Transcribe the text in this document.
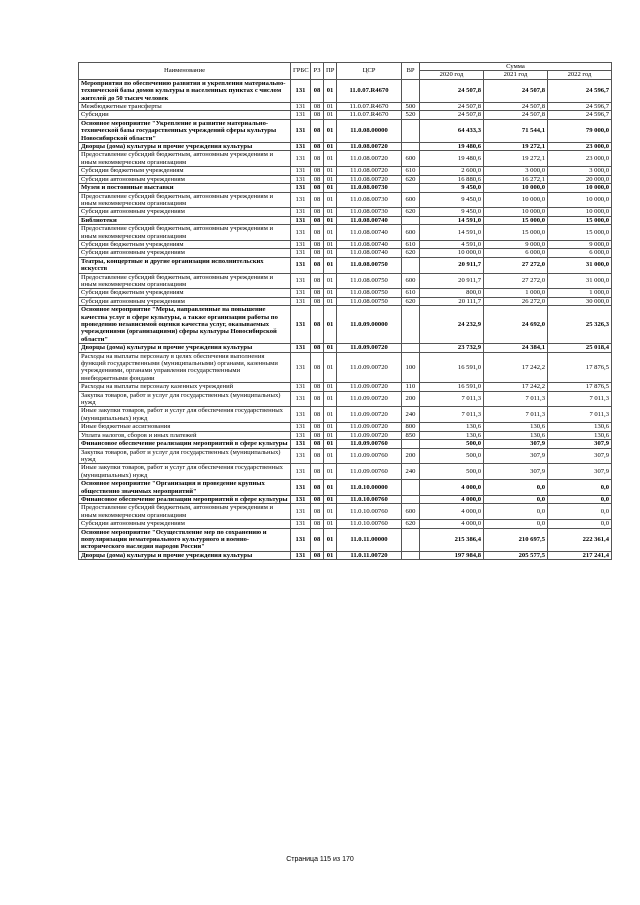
Наименование	ГРБС	РЗ	ПР	ЦСР	ВР	Сумма		
						2020 год	2021 год	2022 год
Мероприятия по обеспечению развития и укрепления материально-технической базы домов культуры в населенных пунктах с числом жителей до 50 тысяч человек	131	08	01	11.0.07.R4670		24 507,8	24 507,8	24 596,7
Межбюджетные трансферты	131	08	01	11.0.07.R4670	500	24 507,8	24 507,8	24 596,7
Субсидии	131	08	01	11.0.07.R4670	520	24 507,8	24 507,8	24 596,7
Основное мероприятие "Укрепление и развитие материально-технической базы государственных учреждений сферы культуры Новосибирской области"	131	08	01	11.0.08.00000		64 433,3	71 544,1	79 000,0
Дворцы (дома) культуры и прочие учреждения культуры	131	08	01	11.0.08.00720		19 480,6	19 272,1	23 000,0
Предоставление субсидий бюджетным, автономным учреждениям и иным некоммерческим организациям	131	08	01	11.0.08.00720	600	19 480,6	19 272,1	23 000,0
Субсидии бюджетным учреждениям	131	08	01	11.0.08.00720	610	2 600,0	3 000,0	3 000,0
Субсидии автономным учреждениям	131	08	01	11.0.08.00720	620	16 880,6	16 272,1	20 000,0
Музеи и постоянные выставки	131	08	01	11.0.08.00730		9 450,0	10 000,0	10 000,0
Предоставление субсидий бюджетным, автономным учреждениям и иным некоммерческим организациям	131	08	01	11.0.08.00730	600	9 450,0	10 000,0	10 000,0
Субсидии автономным учреждениям	131	08	01	11.0.08.00730	620	9 450,0	10 000,0	10 000,0
Библиотеки	131	08	01	11.0.08.00740		14 591,0	15 000,0	15 000,0
Предоставление субсидий бюджетным, автономным учреждениям и иным некоммерческим организациям	131	08	01	11.0.08.00740	600	14 591,0	15 000,0	15 000,0
Субсидии бюджетным учреждениям	131	08	01	11.0.08.00740	610	4 591,0	9 000,0	9 000,0
Субсидии автономным учреждениям	131	08	01	11.0.08.00740	620	10 000,0	6 000,0	6 000,0
Театры, концертные и другие организации исполнительских искусств	131	08	01	11.0.08.00750		20 911,7	27 272,0	31 000,0
Предоставление субсидий бюджетным, автономным учреждениям и иным некоммерческим организациям	131	08	01	11.0.08.00750	600	20 911,7	27 272,0	31 000,0
Субсидии бюджетным учреждениям	131	08	01	11.0.08.00750	610	800,0	1 000,0	1 000,0
Субсидии автономным учреждениям	131	08	01	11.0.08.00750	620	20 111,7	26 272,0	30 000,0
Основное мероприятие "Меры, направленные на повышение качества услуг в сфере культуры, а также организации работы по проведению независимой оценки качества услуг, оказываемых учреждениями (организациями) сферы культуры Новосибирской области"	131	08	01	11.0.09.00000		24 232,9	24 692,0	25 326,3
Дворцы (дома) культуры и прочие учреждения культуры	131	08	01	11.0.09.00720		23 732,9	24 384,1	25 018,4
Расходы на выплаты персоналу в целях обеспечения выполнения функций государственными (муниципальными) органами, казенными учреждениями, органами управления государственными внебюджетными фондами	131	08	01	11.0.09.00720	100	16 591,0	17 242,2	17 876,5
Расходы на выплаты персоналу казенных учреждений	131	08	01	11.0.09.00720	110	16 591,0	17 242,2	17 876,5
Закупка товаров, работ и услуг для государственных (муниципальных) нужд	131	08	01	11.0.09.00720	200	7 011,3	7 011,3	7 011,3
Иные закупки товаров, работ и услуг для обеспечения государственных (муниципальных) нужд	131	08	01	11.0.09.00720	240	7 011,3	7 011,3	7 011,3
Иные бюджетные ассигнования	131	08	01	11.0.09.00720	800	130,6	130,6	130,6
Уплата налогов, сборов и иных платежей	131	08	01	11.0.09.00720	850	130,6	130,6	130,6
Финансовое обеспечение реализации мероприятий в сфере культуры	131	08	01	11.0.09.00760		500,0	307,9	307,9
Закупка товаров, работ и услуг для государственных (муниципальных) нужд	131	08	01	11.0.09.00760	200	500,0	307,9	307,9
Иные закупки товаров, работ и услуг для обеспечения государственных (муниципальных) нужд	131	08	01	11.0.09.00760	240	500,0	307,9	307,9
Основное мероприятие "Организация и проведение крупных общественно значимых мероприятий"	131	08	01	11.0.10.00000		4 000,0	0,0	0,0
Финансовое обеспечение реализации мероприятий в сфере культуры	131	08	01	11.0.10.00760		4 000,0	0,0	0,0
Предоставление субсидий бюджетным, автономным учреждениям и иным некоммерческим организациям	131	08	01	11.0.10.00760	600	4 000,0	0,0	0,0
Субсидии автономным учреждениям	131	08	01	11.0.10.00760	620	4 000,0	0,0	0,0
Основное мероприятие "Осуществление мер по сохранению и популяризации нематериального культурного и военно-исторического наследия народов России"	131	08	01	11.0.11.00000		215 386,4	210 697,5	222 361,4
Дворцы (дома) культуры и прочие учреждения культуры	131	08	01	11.0.11.00720		197 984,8	205 577,5	217 241,4
Страница 115 из 170
